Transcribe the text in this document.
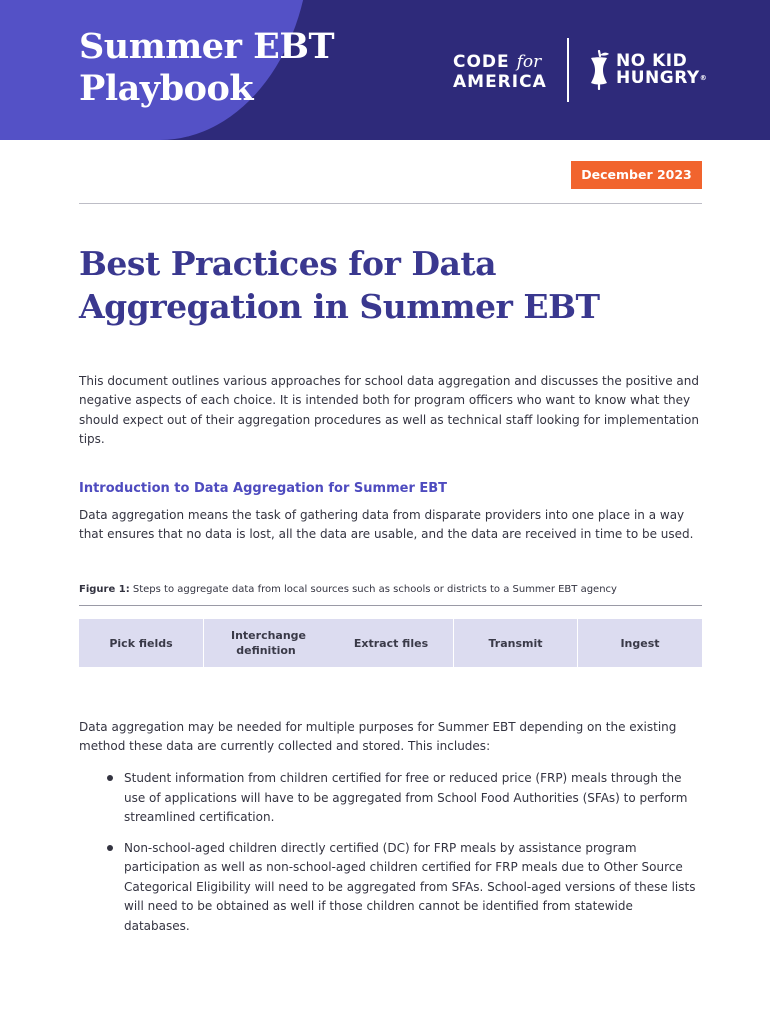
Summer EBT
Playbook
CODE for
AMERICA
NO KID
HUNGRY®
December 2023
Best Practices for Data
Aggregation in Summer EBT

This document outlines various approaches for school data aggregation and discusses the positive and negative aspects of each choice. It is intended both for program officers who want to know what they should expect out of their aggregation procedures as well as technical staff looking for implementation tips.

Introduction to Data Aggregation for Summer EBT

Data aggregation means the task of gathering data from disparate providers into one place in a way that ensures that no data is lost, all the data are usable, and the data are received in time to be used.

Figure 1: Steps to aggregate data from local sources such as schools or districts to a Summer EBT agency
Pick fields
Interchange definition
Extract files	Transmit	Ingest

Data aggregation may be needed for multiple purposes for Summer EBT depending on the existing method these data are currently collected and stored. This includes:

Student information from children certified for free or reduced price (FRP) meals through the use of applications will have to be aggregated from School Food Authorities (SFAs) to perform streamlined certification.
Non-school-aged children directly certified (DC) for FRP meals by assistance program participation as well as non-school-aged children certified for FRP meals due to Other Source Categorical Eligibility will need to be aggregated from SFAs. School-aged versions of these lists will need to be obtained as well if those children cannot be identified from statewide databases.
